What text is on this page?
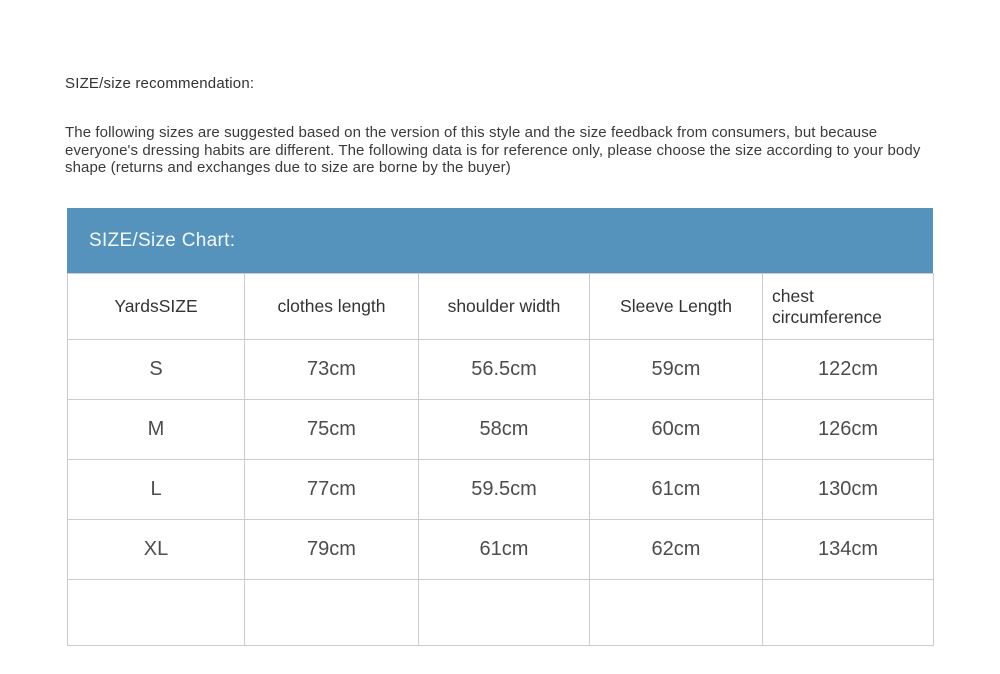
SIZE/size recommendation:
The following sizes are suggested based on the version of this style and the size feedback from consumers, but because everyone's dressing habits are different. The following data is for reference only, please choose the size according to your body shape (returns and exchanges due to size are borne by the buyer)
SIZE/Size Chart:
YardsSIZE	clothes length	shoulder width	Sleeve Length	chest circumference
S	73cm	56.5cm	59cm	122cm
M	75cm	58cm	60cm	126cm
L	77cm	59.5cm	61cm	130cm
XL	79cm	61cm	62cm	134cm
